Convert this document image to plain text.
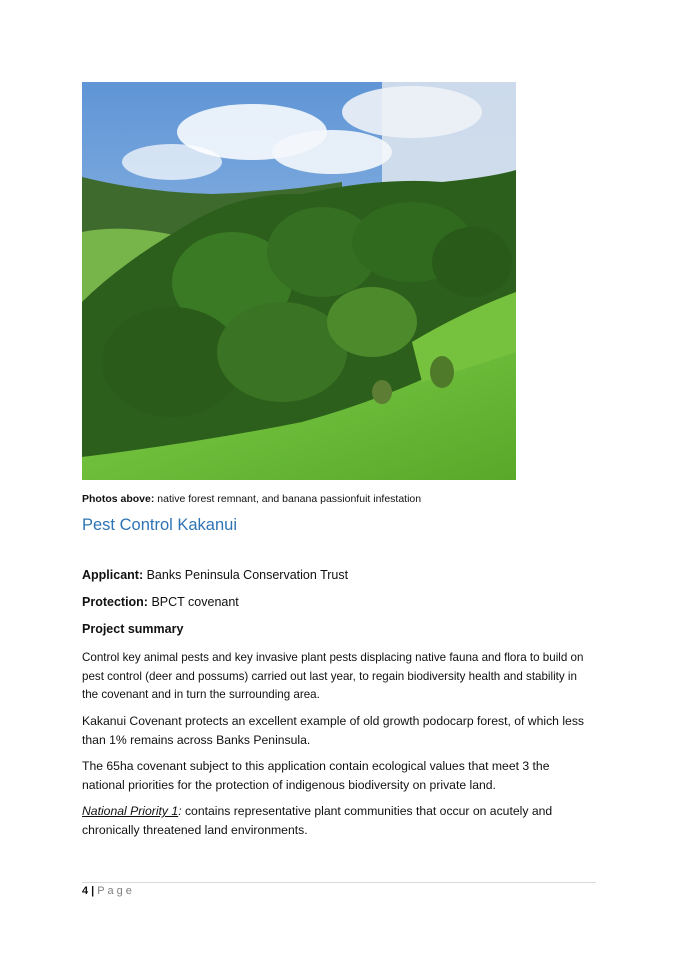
Photos above: native forest remnant, and banana passionfuit infestation
Pest Control Kakanui
Applicant: Banks Peninsula Conservation Trust
Protection: BPCT covenant
Project summary

Control key animal pests and key invasive plant pests displacing native fauna and flora to build on pest control (deer and possums) carried out last year, to regain biodiversity health and stability in the covenant and in turn the surrounding area.

Kakanui Covenant protects an excellent example of old growth podocarp forest, of which less than 1% remains across Banks Peninsula.

The 65ha covenant subject to this application contain ecological values that meet 3 the national priorities for the protection of indigenous biodiversity on private land.

National Priority 1: contains representative plant communities that occur on acutely and chronically threatened land environments.

4 | Page
